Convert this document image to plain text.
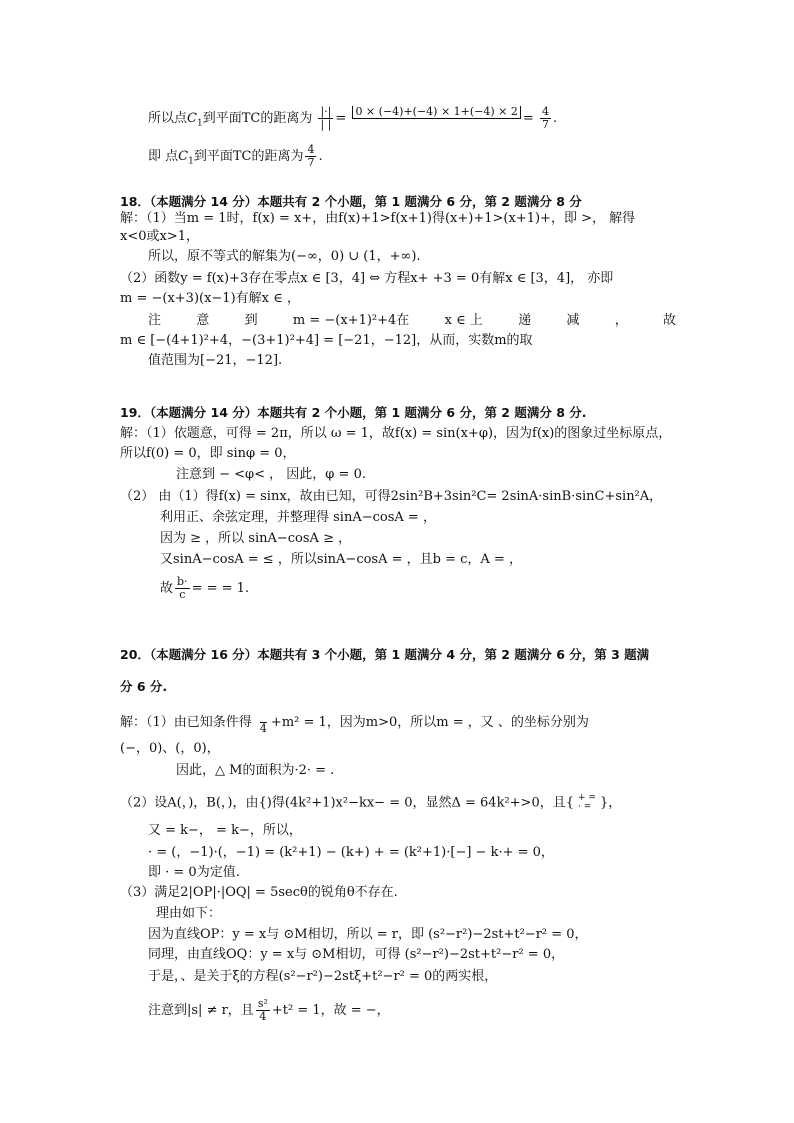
所以点$C_1$到平面TC的距离为 $\frac{|\cdot|}{| |} = 0 \times (-4)+(-4) \times 1+(-4) \times 2$
= $\frac{4}{7}$ .
即 点$C_1$到平面TC的距离为 $\frac{4}{7}$ .
18．（本题满分 14 分）本题共有 2 个小题，第 1 题满分 6 分，第 2 题满分 8 分
解：（1）当m = 1时，f(x) = x+，由f(x)+1>f(x+1)得(x+)+1>(x+1)+，即 >， 解得
x<0或x>1，
所以，原不等式的解集为(−∞，0) ∪ (1，+∞).
（2）函数y = f(x)+3存在零点x ∈ [3，4] ⇔ 方程x+ +3 = 0有解x ∈ [3，4]， 亦即
m = −(x+3)(x−1)有解x ∈ ，
注	意	到	m = −(x+1)²+4在	x ∈ 上	递	减	，	故
m ∈ [−(4+1)²+4，−(3+1)²+4] = [−21，−12]，从而，实数m的取
值范围为[−21，−12].
19．（本题满分 14 分）本题共有 2 个小题，第 1 题满分 6 分，第 2 题满分 8 分.
解：（1）依题意，可得 = 2π，所以 ω = 1，故f(x) = sin(x+φ)，因为f(x)的图象过坐标原点，
所以f(0) = 0，即 sinφ = 0，
注意到 − <φ< ， 因此，φ = 0.
（2） 由（1）得f(x) = sinx，故由已知，可得2sin²B+3sin²C= 2sinA·sinB·sinC+sin²A，
利用正、余弦定理，并整理得 sinA−cosA = ，
因为 ≥ ，所以 sinA−cosA ≥ ，
又sinA−cosA = ≤ ，所以sinA−cosA = ，且b = c，A = ，
故 $\frac{b\cdot}{c}$ = = = 1.
20．（本题满分 16 分）本题共有 3 个小题，第 1 题满分 4 分，第 2 题满分 6 分，第 3 题满
分 6 分.
解：（1）由已知条件得
4 +m² = 1，因为m>0，所以m = ，又 、的坐标分别为
(−，0)、(，0)，
因此，△ M的面积为·2· = .
（2）设A(，)，B(，)，由{)得(4k²+1)x²−kx− = 0，显然Δ = 64k²+>0，且{ + =
· = }，
又 = k−， = k−，所以，
· = (，−1)·(，−1) = (k²+1) − (k+) + = (k²+1)·[−] − k·+ = 0，
即 · = 0为定值.
（3）满足2|OP|·|OQ| = 5secθ的锐角θ不存在.
理由如下：
因为直线OP：y = x与 ⊙M相切，所以 = r，即 (s²−r²)−2st+t²−r² = 0，
同理，由直线OQ：y = x与 ⊙M相切，可得 (s²−r²)−2st+t²−r² = 0，
于是，、是关于ξ的方程(s²−r²)−2stξ+t²−r² = 0的两实根，
注意到|s| ≠ r，且 $\frac{\text{s²}}{4} +t^2 = 1$，故 = −，
